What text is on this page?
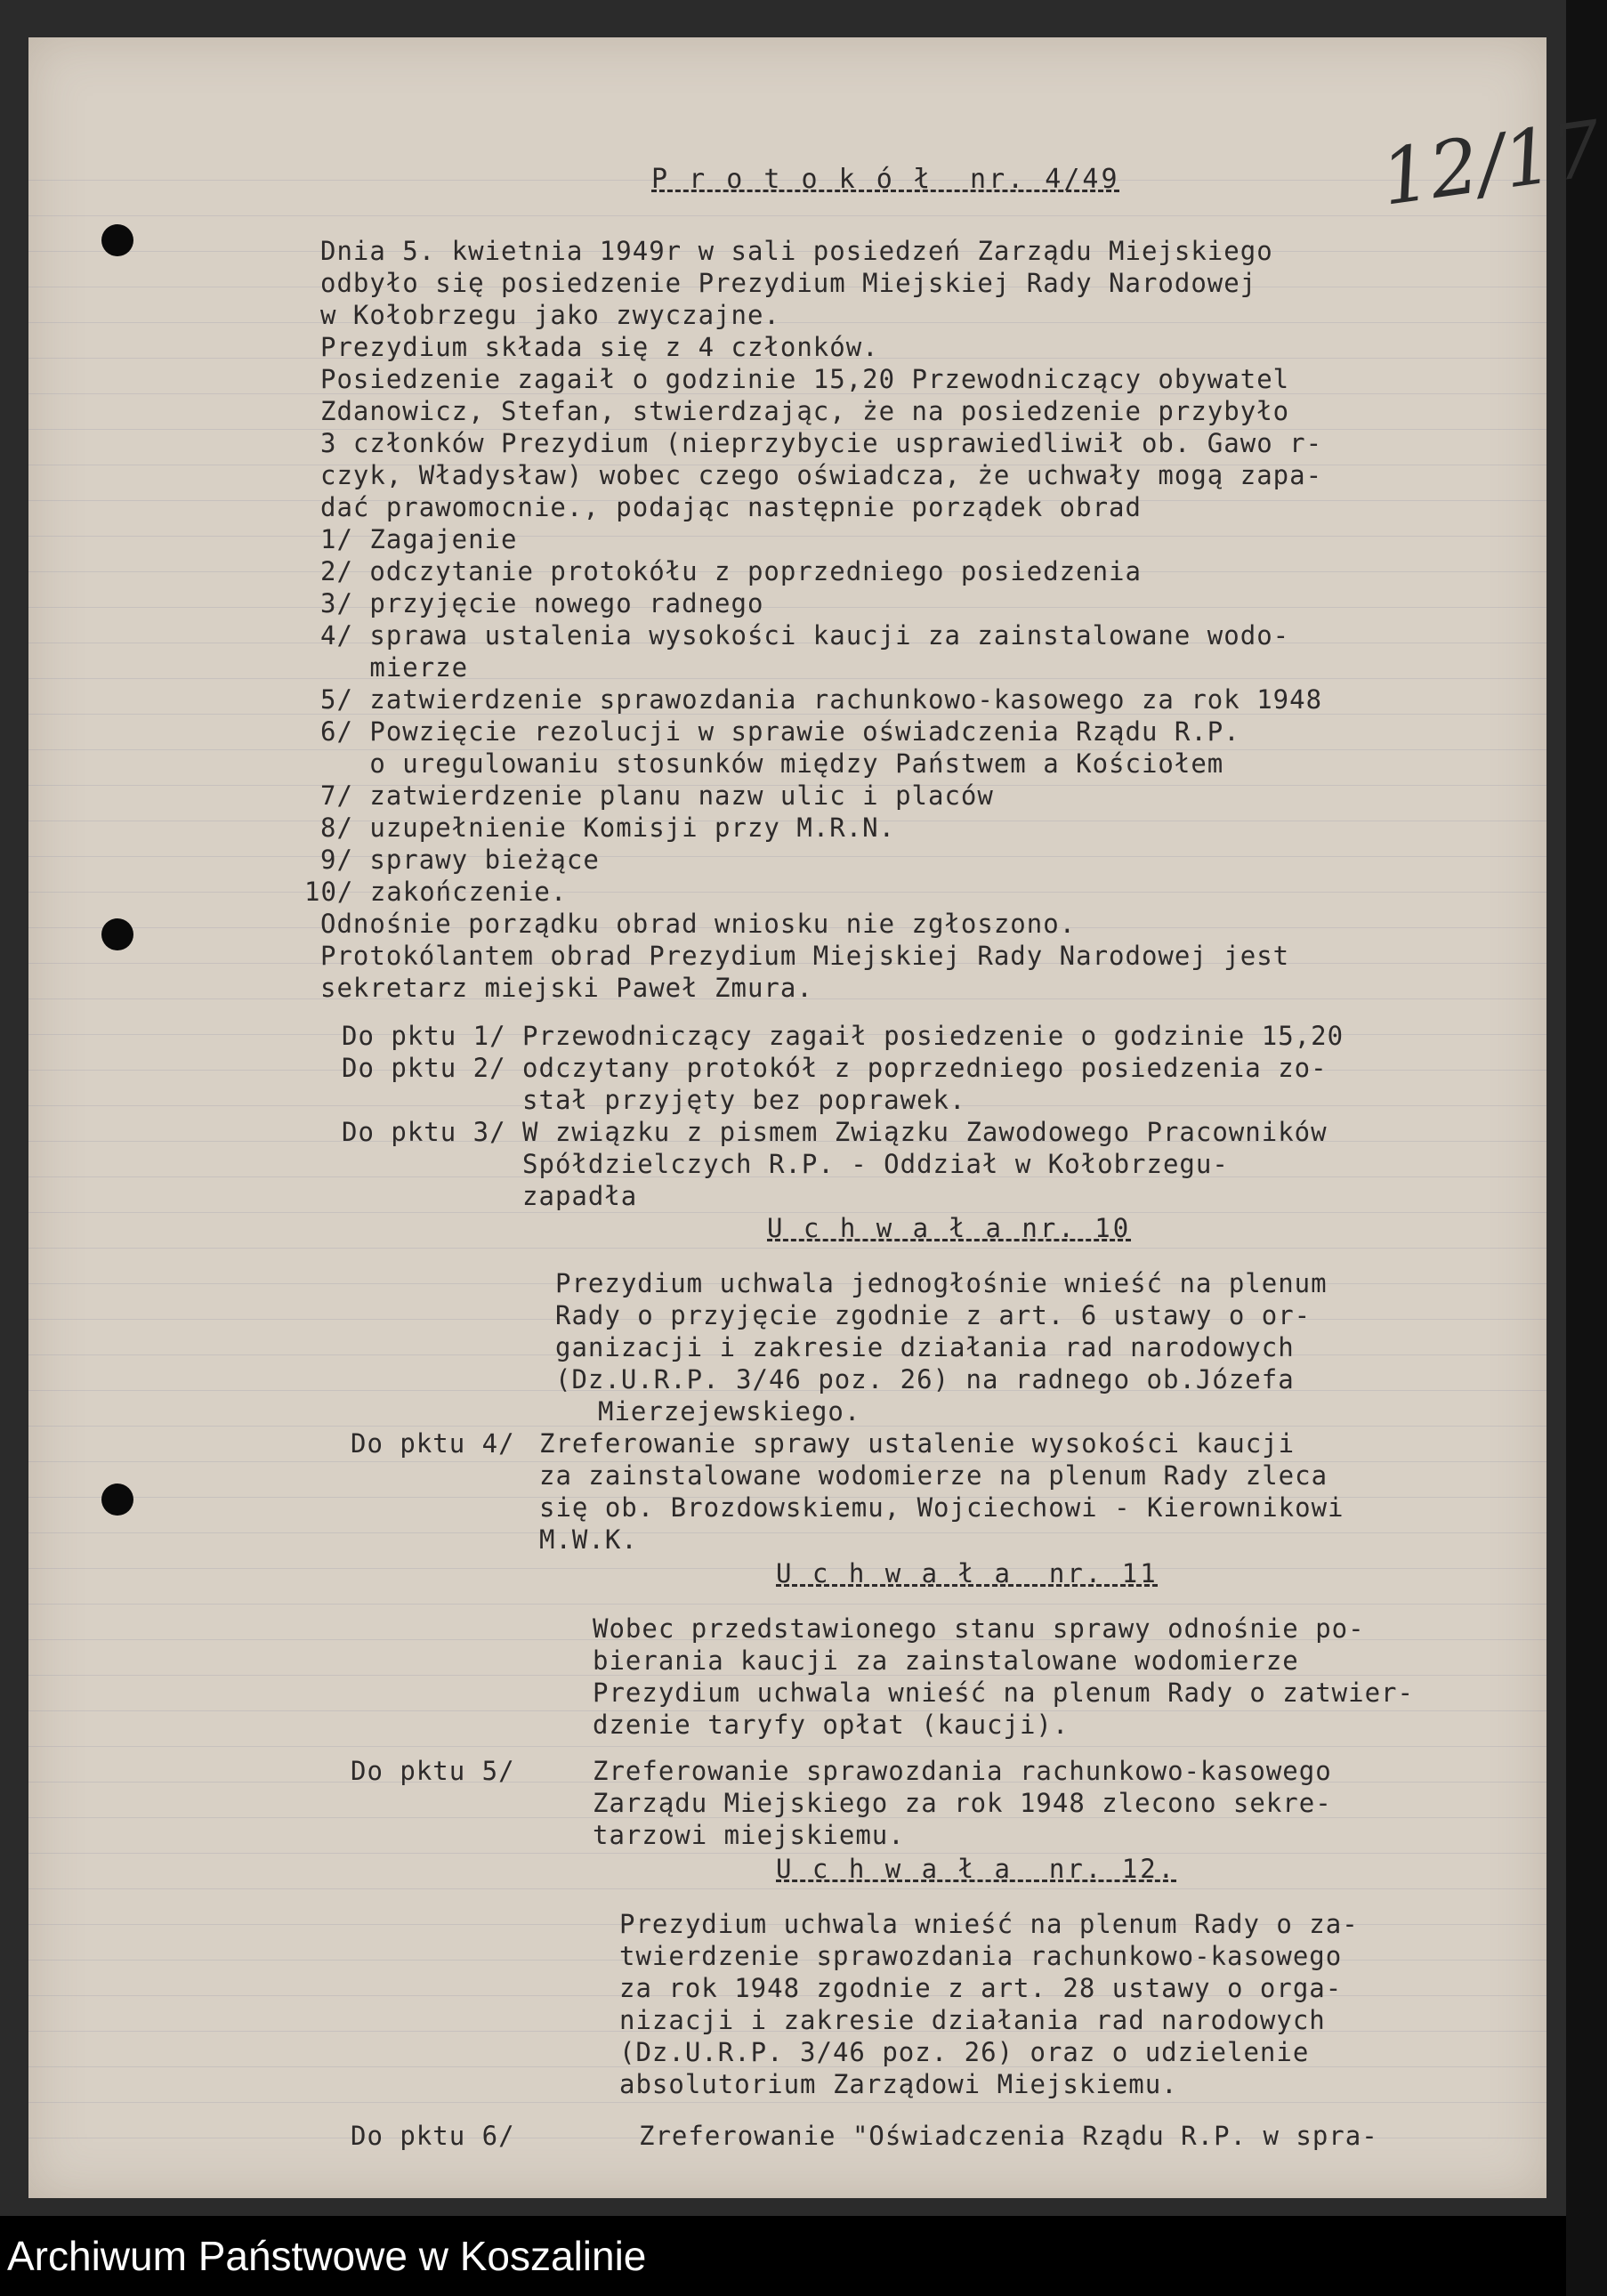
12/17
P r o t o k ó ł  nr. 4/49
Dnia 5. kwietnia 1949r w sali posiedzeń Zarządu Miejskiego
odbyło się posiedzenie Prezydium Miejskiej Rady Narodowej
w Kołobrzegu jako zwyczajne.
Prezydium składa się z 4 członków.
Posiedzenie zagaił o godzinie 15,20 Przewodniczący obywatel
Zdanowicz, Stefan, stwierdzając, że na posiedzenie przybyło
3 członków Prezydium (nieprzybycie usprawiedliwił ob. Gawo r-
czyk, Władysław) wobec czego oświadcza, że uchwały mogą zapa-
dać prawomocnie., podając następnie porządek obrad
1/ Zagajenie
2/ odczytanie protokółu z poprzedniego posiedzenia
3/ przyjęcie nowego radnego
4/ sprawa ustalenia wysokości kaucji za zainstalowane wodo-
mierze
5/ zatwierdzenie sprawozdania rachunkowo-kasowego za rok 1948
6/ Powzięcie rezolucji w sprawie oświadczenia Rządu R.P.
o uregulowaniu stosunków między Państwem a Kościołem
7/ zatwierdzenie planu nazw ulic i placów
8/ uzupełnienie Komisji przy M.R.N.
9/ sprawy bieżące
10/ zakończenie.
Odnośnie porządku obrad wniosku nie zgłoszono.
Protokólantem obrad Prezydium Miejskiej Rady Narodowej jest
sekretarz miejski Paweł Zmura.
Do pktu 1/ Przewodniczący zagaił posiedzenie o godzinie 15,20
Do pktu 2/ odczytany protokół z poprzedniego posiedzenia zo-
stał przyjęty bez poprawek.
Do pktu 3/ W związku z pismem Związku Zawodowego Pracowników
Spółdzielczych R.P. - Oddział w Kołobrzegu-
zapadła
U c h w a ł a nr. 10
Prezydium uchwala jednogłośnie wnieść na plenum
Rady o przyjęcie zgodnie z art. 6 ustawy o or-
ganizacji i zakresie działania rad narodowych
(Dz.U.R.P. 3/46 poz. 26) na radnego ob.Józefa
Mierzejewskiego.
Do pktu 4/ Zreferowanie sprawy ustalenie wysokości kaucji
za zainstalowane wodomierze na plenum Rady zleca
się ob. Brozdowskiemu, Wojciechowi - Kierownikowi
M.W.K.
U c h w a ł a  nr. 11
Wobec przedstawionego stanu sprawy odnośnie po-
bierania kaucji za zainstalowane wodomierze
Prezydium uchwala wnieść na plenum Rady o zatwier-
dzenie taryfy opłat (kaucji).
Do pktu 5/	Zreferowanie sprawozdania rachunkowo-kasowego
Zarządu Miejskiego za rok 1948 zlecono sekre-
tarzowi miejskiemu.
U c h w a ł a  nr. 12.
Prezydium uchwala wnieść na plenum Rady o za-
twierdzenie sprawozdania rachunkowo-kasowego
za rok 1948 zgodnie z art. 28 ustawy o orga-
nizacji i zakresie działania rad narodowych
(Dz.U.R.P. 3/46 poz. 26) oraz o udzielenie
absolutorium Zarządowi Miejskiemu.
Do pktu 6/	Zreferowanie "Oświadczenia Rządu R.P. w spra-
Archiwum Państwowe w Koszalinie
